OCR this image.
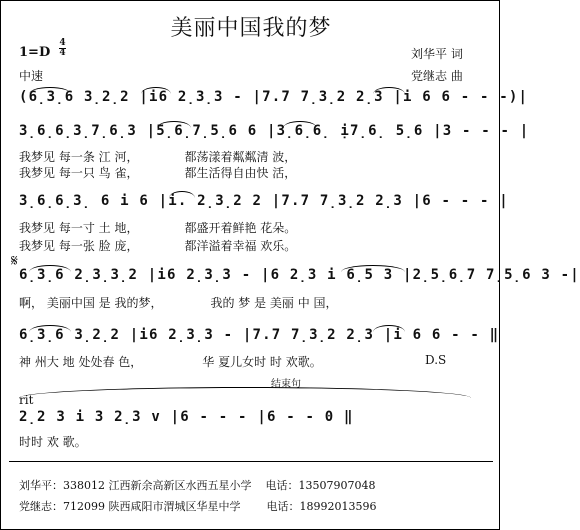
美丽中国我的梦
1=D
4
4
中速
刘华平 词
党继志 曲
(6̣3̣6 3̣2̣2 |i6 2̣3̣3 - |7.7 7̣3̣2 2̣3 |i 6 6 - - -)|
3̣6̣6̣3̣7̣6̣3 |5̣6̣7̣5̣6 6 |3̣6̣6̣ ị7̣6̣ 5̣6 |3 - - - |
我梦见 每一条 江 河，	都荡漾着粼粼清 波，
我梦见 每一只 鸟 雀，	都生活得自由快 活，
3̣6̣6̣3̣ 6 i 6 |i. 2̣3̣2 2 |7.7 7̣3̣2 2̣3 |6 - - - |
我梦见 每一寸 土 地，	都盛开着鲜艳 花朵。
我梦见 每一张 脸 庞，	都洋溢着幸福 欢乐。
𝄋
6̣3̣6 2̣3̣3̣2 |i6 2̣3̣3 - |6 2̣3 i 6̣5 3 |2̣5̣6̣7 7̣5̣6 3 -|
啊， 美丽中国 是 我的梦，	我的 梦 是 美丽 中 国，
6̣3̣6 3̣2̣2 |i6 2̣3̣3 - |7.7 7̣3̣2 2̣3 |i 6 6 - - ‖
神 州大 地 处处春 色，	华 夏儿女时 时 欢歌。	D.S
结束句
rit
2̣2 3 i 3 2̣3 v |6 - - - |6 - - 0 ‖
时时 欢 歌。
刘华平：338012 江西新余高新区水西五星小学 电话：13507907048
党继志：712099 陕西咸阳市渭城区华星中学 电话：18992013596
